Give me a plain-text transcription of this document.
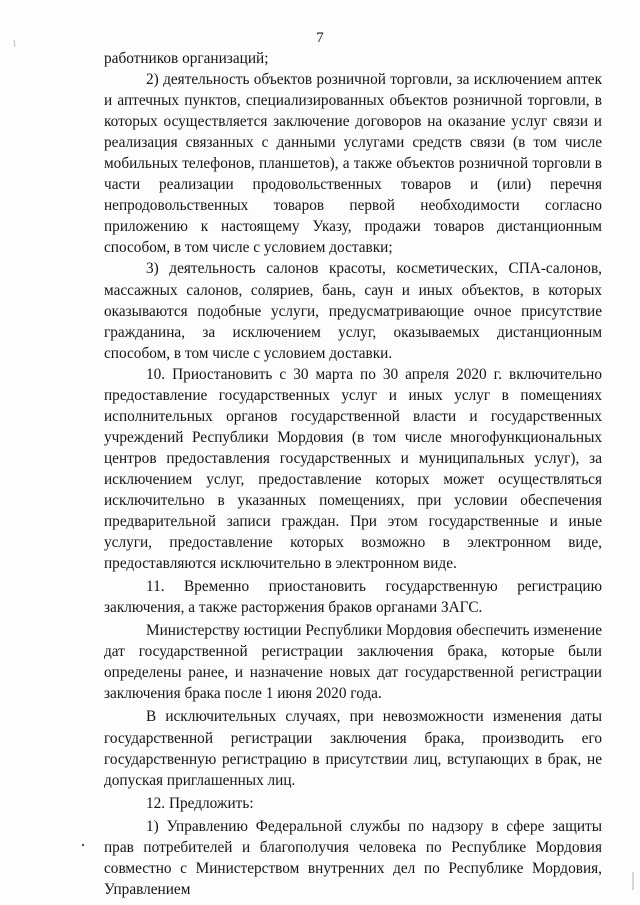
7

работников организаций;

2) деятельность объектов розничной торговли, за исключением аптек и аптечных пунктов, специализированных объектов розничной торговли, в которых осуществляется заключение договоров на оказание услуг связи и реализация связанных с данными услугами средств связи (в том числе мобильных телефонов, планшетов), а также объектов розничной торговли в части реализации продовольственных товаров и (или) перечня непродовольственных товаров первой необходимости согласно приложению к настоящему Указу, продажи товаров дистанционным способом, в том числе с условием доставки;

3) деятельность салонов красоты, косметических, СПА-салонов, массажных салонов, соляриев, бань, саун и иных объектов, в которых оказываются подобные услуги, предусматривающие очное присутствие гражданина, за исключением услуг, оказываемых дистанционным способом, в том числе с условием доставки.

10. Приостановить с 30 марта по 30 апреля 2020 г. включительно предоставление государственных услуг и иных услуг в помещениях исполнительных органов государственной власти и государственных учреждений Республики Мордовия (в том числе многофункциональных центров предоставления государственных и муниципальных услуг), за исключением услуг, предоставление которых может осуществляться исключительно в указанных помещениях, при условии обеспечения предварительной записи граждан. При этом государственные и иные услуги, предоставление которых возможно в электронном виде, предоставляются исключительно в электронном виде.

11. Временно приостановить государственную регистрацию заключения, а также расторжения браков органами ЗАГС.

Министерству юстиции Республики Мордовия обеспечить изменение дат государственной регистрации заключения брака, которые были определены ранее, и назначение новых дат государственной регистрации заключения брака после 1 июня 2020 года.

В исключительных случаях, при невозможности изменения даты государственной регистрации заключения брака, производить его государственную регистрацию в присутствии лиц, вступающих в брак, не допуская приглашенных лиц.

12. Предложить:

1) Управлению Федеральной службы по надзору в сфере защиты прав потребителей и благополучия человека по Республике Мордовия совместно с Министерством внутренних дел по Республике Мордовия, Управлением
